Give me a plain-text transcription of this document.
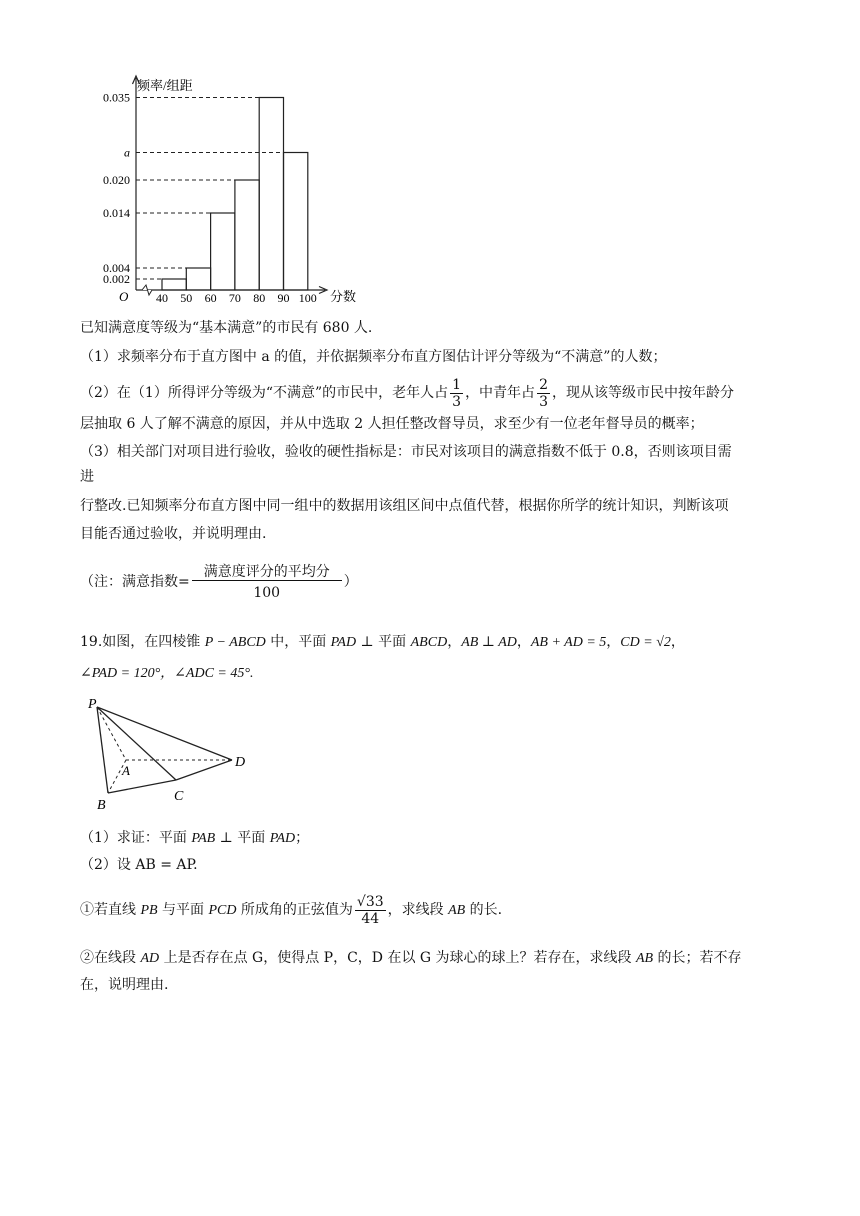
0.002
0.004
0.014
0.020
0.035
a
40 50 60 70 80 90 100
频率/组距
分数
O
已知满意度等级为“基本满意”的市民有 680 人.
（1）求频率分布于直方图中 a 的值，并依据频率分布直方图估计评分等级为“不满意”的人数；
（2）在（1）所得评分等级为“不满意”的市民中，老年人占 $\frac{1}{3}$ ，中青年占 $\frac{2}{3}$ ，现从该等级市民中按年龄分
层抽取 6 人了解不满意的原因，并从中选取 2 人担任整改督导员，求至少有一位老年督导员的概率；
（3）相关部门对项目进行验收，验收的硬性指标是：市民对该项目的满意指数不低于 0.8，否则该项目需
进
行整改.已知频率分布直方图中同一组中的数据用该组区间中点值代替，根据你所学的统计知识，判断该项
目能否通过验收，并说明理由.
（注：满意指数= $\frac{\text{满意度评分的平均分}}{100}$ ）
19.如图，在四棱锥 P − ABCD 中，平面 PAD ⊥ 平面 ABCD，AB ⊥ AD，AB + AD = 5，CD = √2，
∠PAD = 120°，∠ADC = 45°.
P
A
B
C
D
（1）求证：平面 PAB ⊥ 平面 PAD；
（2）设 AB = AP.
①若直线 PB 与平面 PCD 所成角的正弦值为 $\frac{√33}{44}$ ，求线段 AB 的长.
②在线段 AD 上是否存在点 G，使得点 P，C，D 在以 G 为球心的球上？若存在，求线段 AB 的长；若不存
在，说明理由.
